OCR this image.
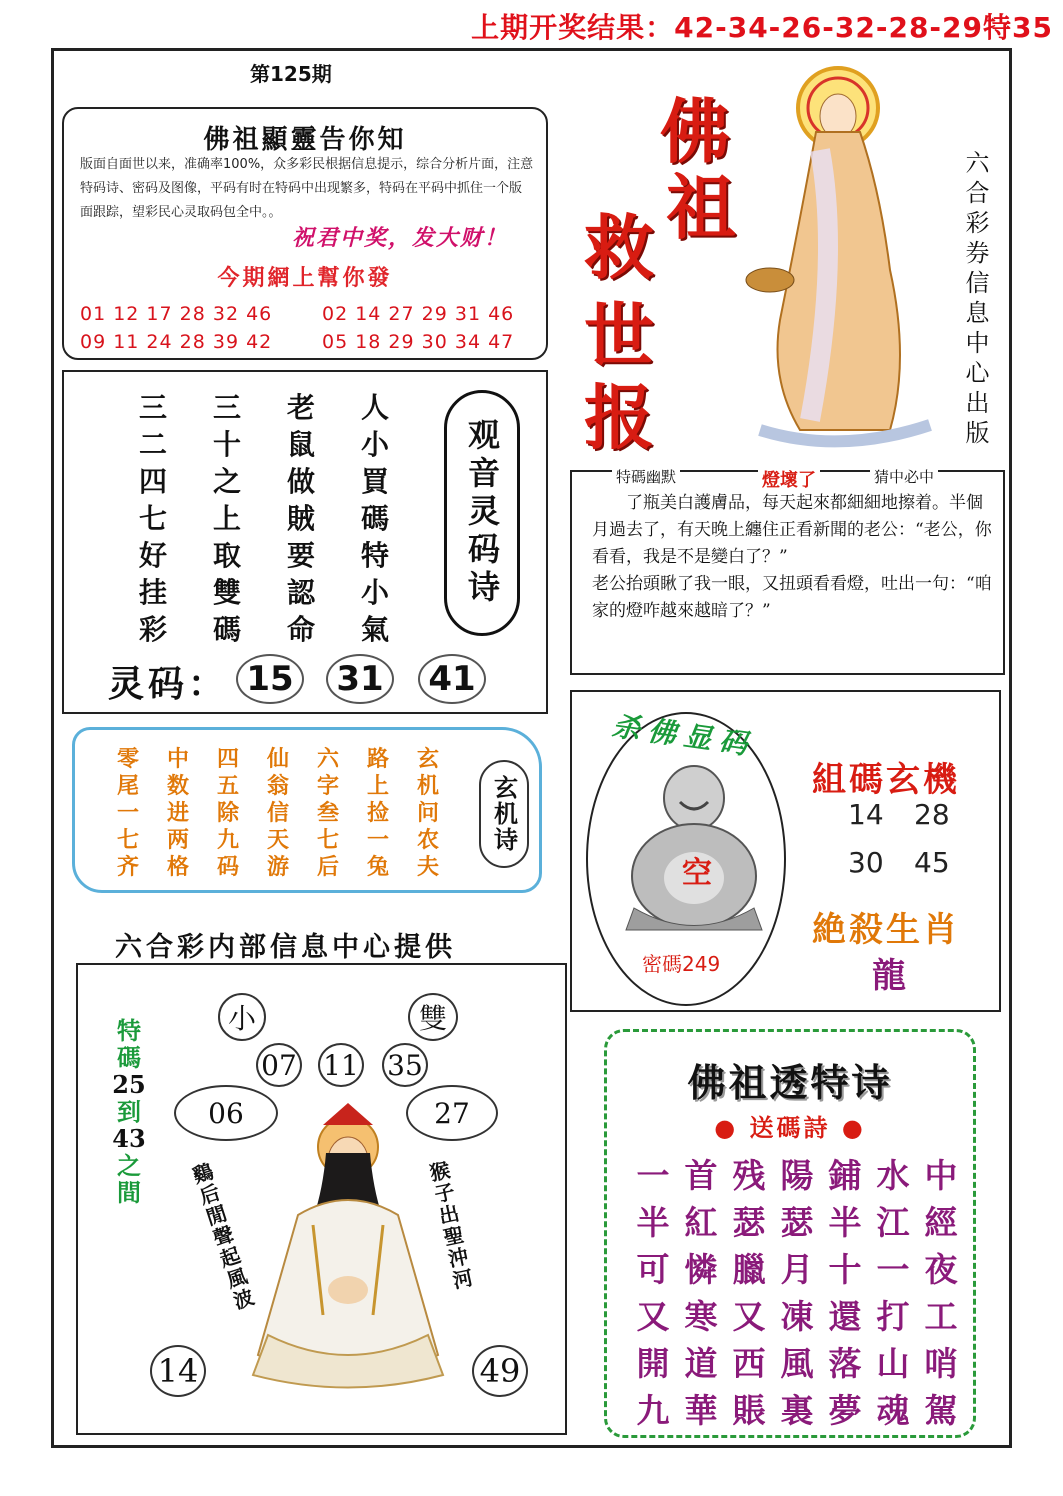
上期开奖结果：42-34-26-32-28-29特35
第125期
佛祖顯靈告你知
版面自面世以来，准确率100%，众多彩民根据信息提示，综合分析片面，注意特码诗、密码及图像，平码有时在特码中出现繁多，特码在平码中抓住一个版面跟踪，望彩民心灵取码包全中。。
祝君中奖，发大财！
今期網上幫你發
01 12 17 28 32 46
09 11 24 28 39 42
02 14 27 29 31 46
05 18 29 30 34 47
三	三	老	人
二	十	鼠	小
四	之	做	買
七	上	賊	碼
好	取	要	特
挂	雙	認	小
彩	碼	命	氣
观音灵码诗
灵码： 15	31	41
零	中	四	仙	六	路	玄
尾	数	五	翁	字	上	机
一	进	除	信	叁	捡	问
七	两	九	天	七	一	农
齐	格	码	游	后	兔	夫
玄机诗
六合彩内部信息中心提供
特
碼
25
到
43
之
間
小	雙
07 11 35
06	27
鷄后閒聲起風波	猴子出聖沖河
14	49
佛
祖
救
世
报	六合彩券信息中心出版
特碼幽默	燈壞了	猜中必中
了瓶美白護膚品，每天起來都細細地擦着。半個月過去了，有天晚上纏住正看新聞的老公：“老公，你看看，我是不是變白了？”
老公抬頭瞅了我一眼，又扭頭看看燈，吐出一句：“咱家的燈咋越來越暗了？”
杀佛显码
空
密碼249
組碼玄機
14 28
30 45
絶殺生肖
龍
佛祖透特诗
● 送碼詩 ●
一 首 残 陽 鋪 水 中
半 紅 瑟 瑟 半 江 經
可 憐 臘 月 十 一 夜
又 寒 又 凍 還 打 工
開 道 西 風 落 山 哨
九 華 賬 裏 夢 魂 駕
